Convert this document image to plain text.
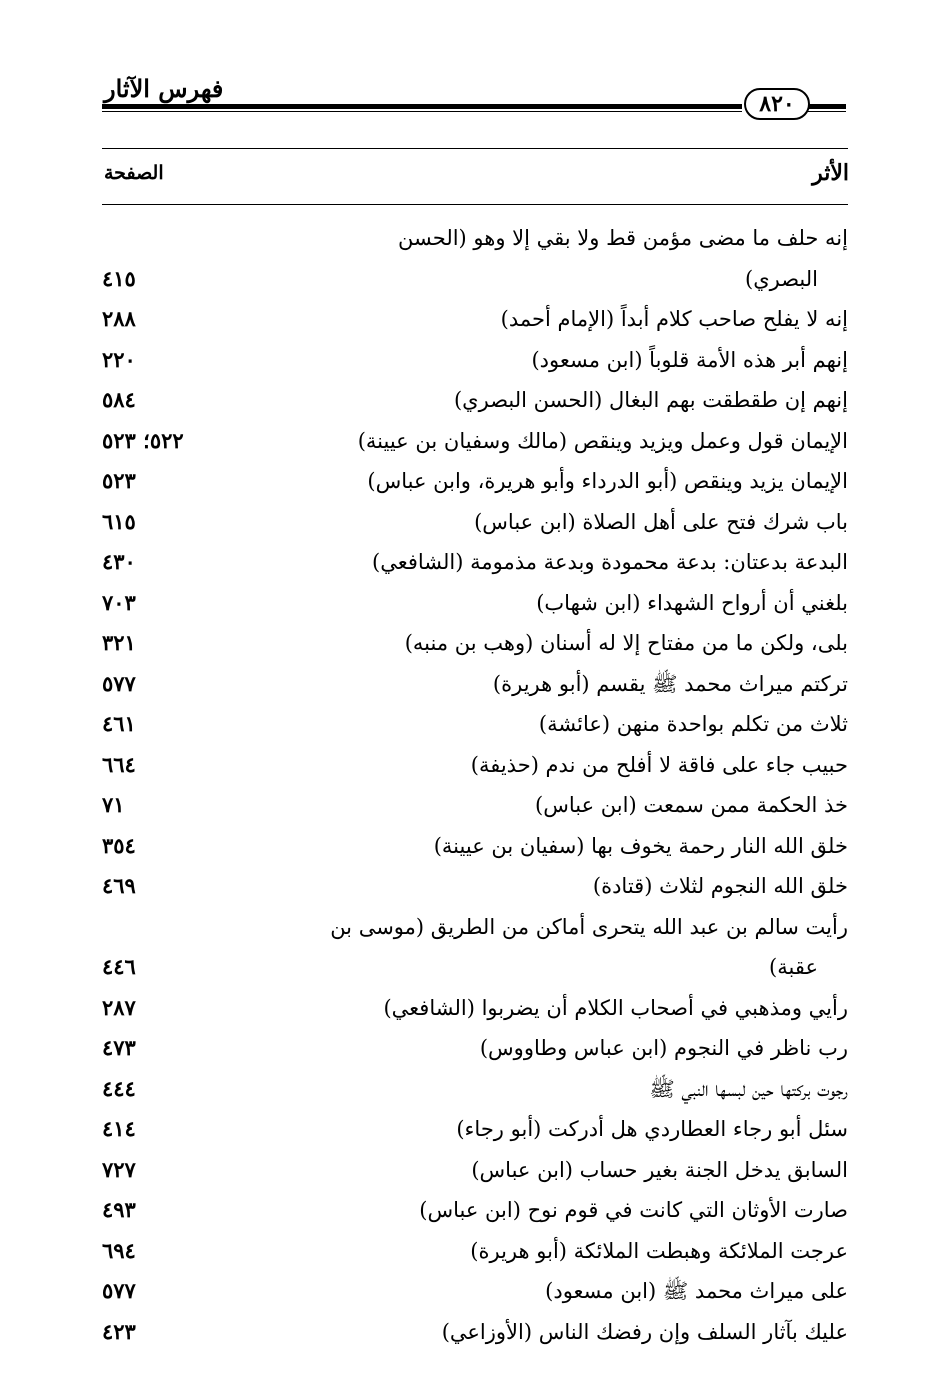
فهرس الآثار
٨٢٠
الأثر
الصفحة
إنه حلف ما مضى مؤمن قط ولا بقي إلا وهو (الحسن

البصري)
٤١٥
إنه لا يفلح صاحب كلام أبداً (الإمام أحمد)
٢٨٨
إنهم أبر هذه الأمة قلوباً (ابن مسعود)
٢٢٠
إنهم إن طقطقت بهم البغال (الحسن البصري)
٥٨٤
الإيمان قول وعمل ويزيد وينقص (مالك وسفيان بن عيينة)
٥٢٢؛ ٥٢٣
الإيمان يزيد وينقص (أبو الدرداء وأبو هريرة، وابن عباس)
٥٢٣
باب شرك فتح على أهل الصلاة (ابن عباس)
٦١٥
البدعة بدعتان: بدعة محمودة وبدعة مذمومة (الشافعي)
٤٣٠
بلغني أن أرواح الشهداء (ابن شهاب)
٧٠٣
بلى، ولكن ما من مفتاح إلا له أسنان (وهب بن منبه)
٣٢١
تركتم ميراث محمد ﷺ يقسم (أبو هريرة)
٥٧٧
ثلاث من تكلم بواحدة منهن (عائشة)
٤٦١
حبيب جاء على فاقة لا أفلح من ندم (حذيفة)
٦٦٤
خذ الحكمة ممن سمعت (ابن عباس)
٧١
خلق الله النار رحمة يخوف بها (سفيان بن عيينة)
٣٥٤
خلق الله النجوم لثلاث (قتادة)
٤٦٩
رأيت سالم بن عبد الله يتحرى أماكن من الطريق (موسى بن

عقبة)
٤٤٦
رأيي ومذهبي في أصحاب الكلام أن يضربوا (الشافعي)
٢٨٧
رب ناظر في النجوم (ابن عباس وطاووس)
٤٧٣
رجوت بركتها حين لبسها النبي ﷺ
٤٤٤
سئل أبو رجاء العطاردي هل أدركت (أبو رجاء)
٤١٤
السابق يدخل الجنة بغير حساب (ابن عباس)
٧٢٧
صارت الأوثان التي كانت في قوم نوح (ابن عباس)
٤٩٣
عرجت الملائكة وهبطت الملائكة (أبو هريرة)
٦٩٤
على ميراث محمد ﷺ (ابن مسعود)
٥٧٧
عليك بآثار السلف وإن رفضك الناس (الأوزاعي)
٤٢٣
